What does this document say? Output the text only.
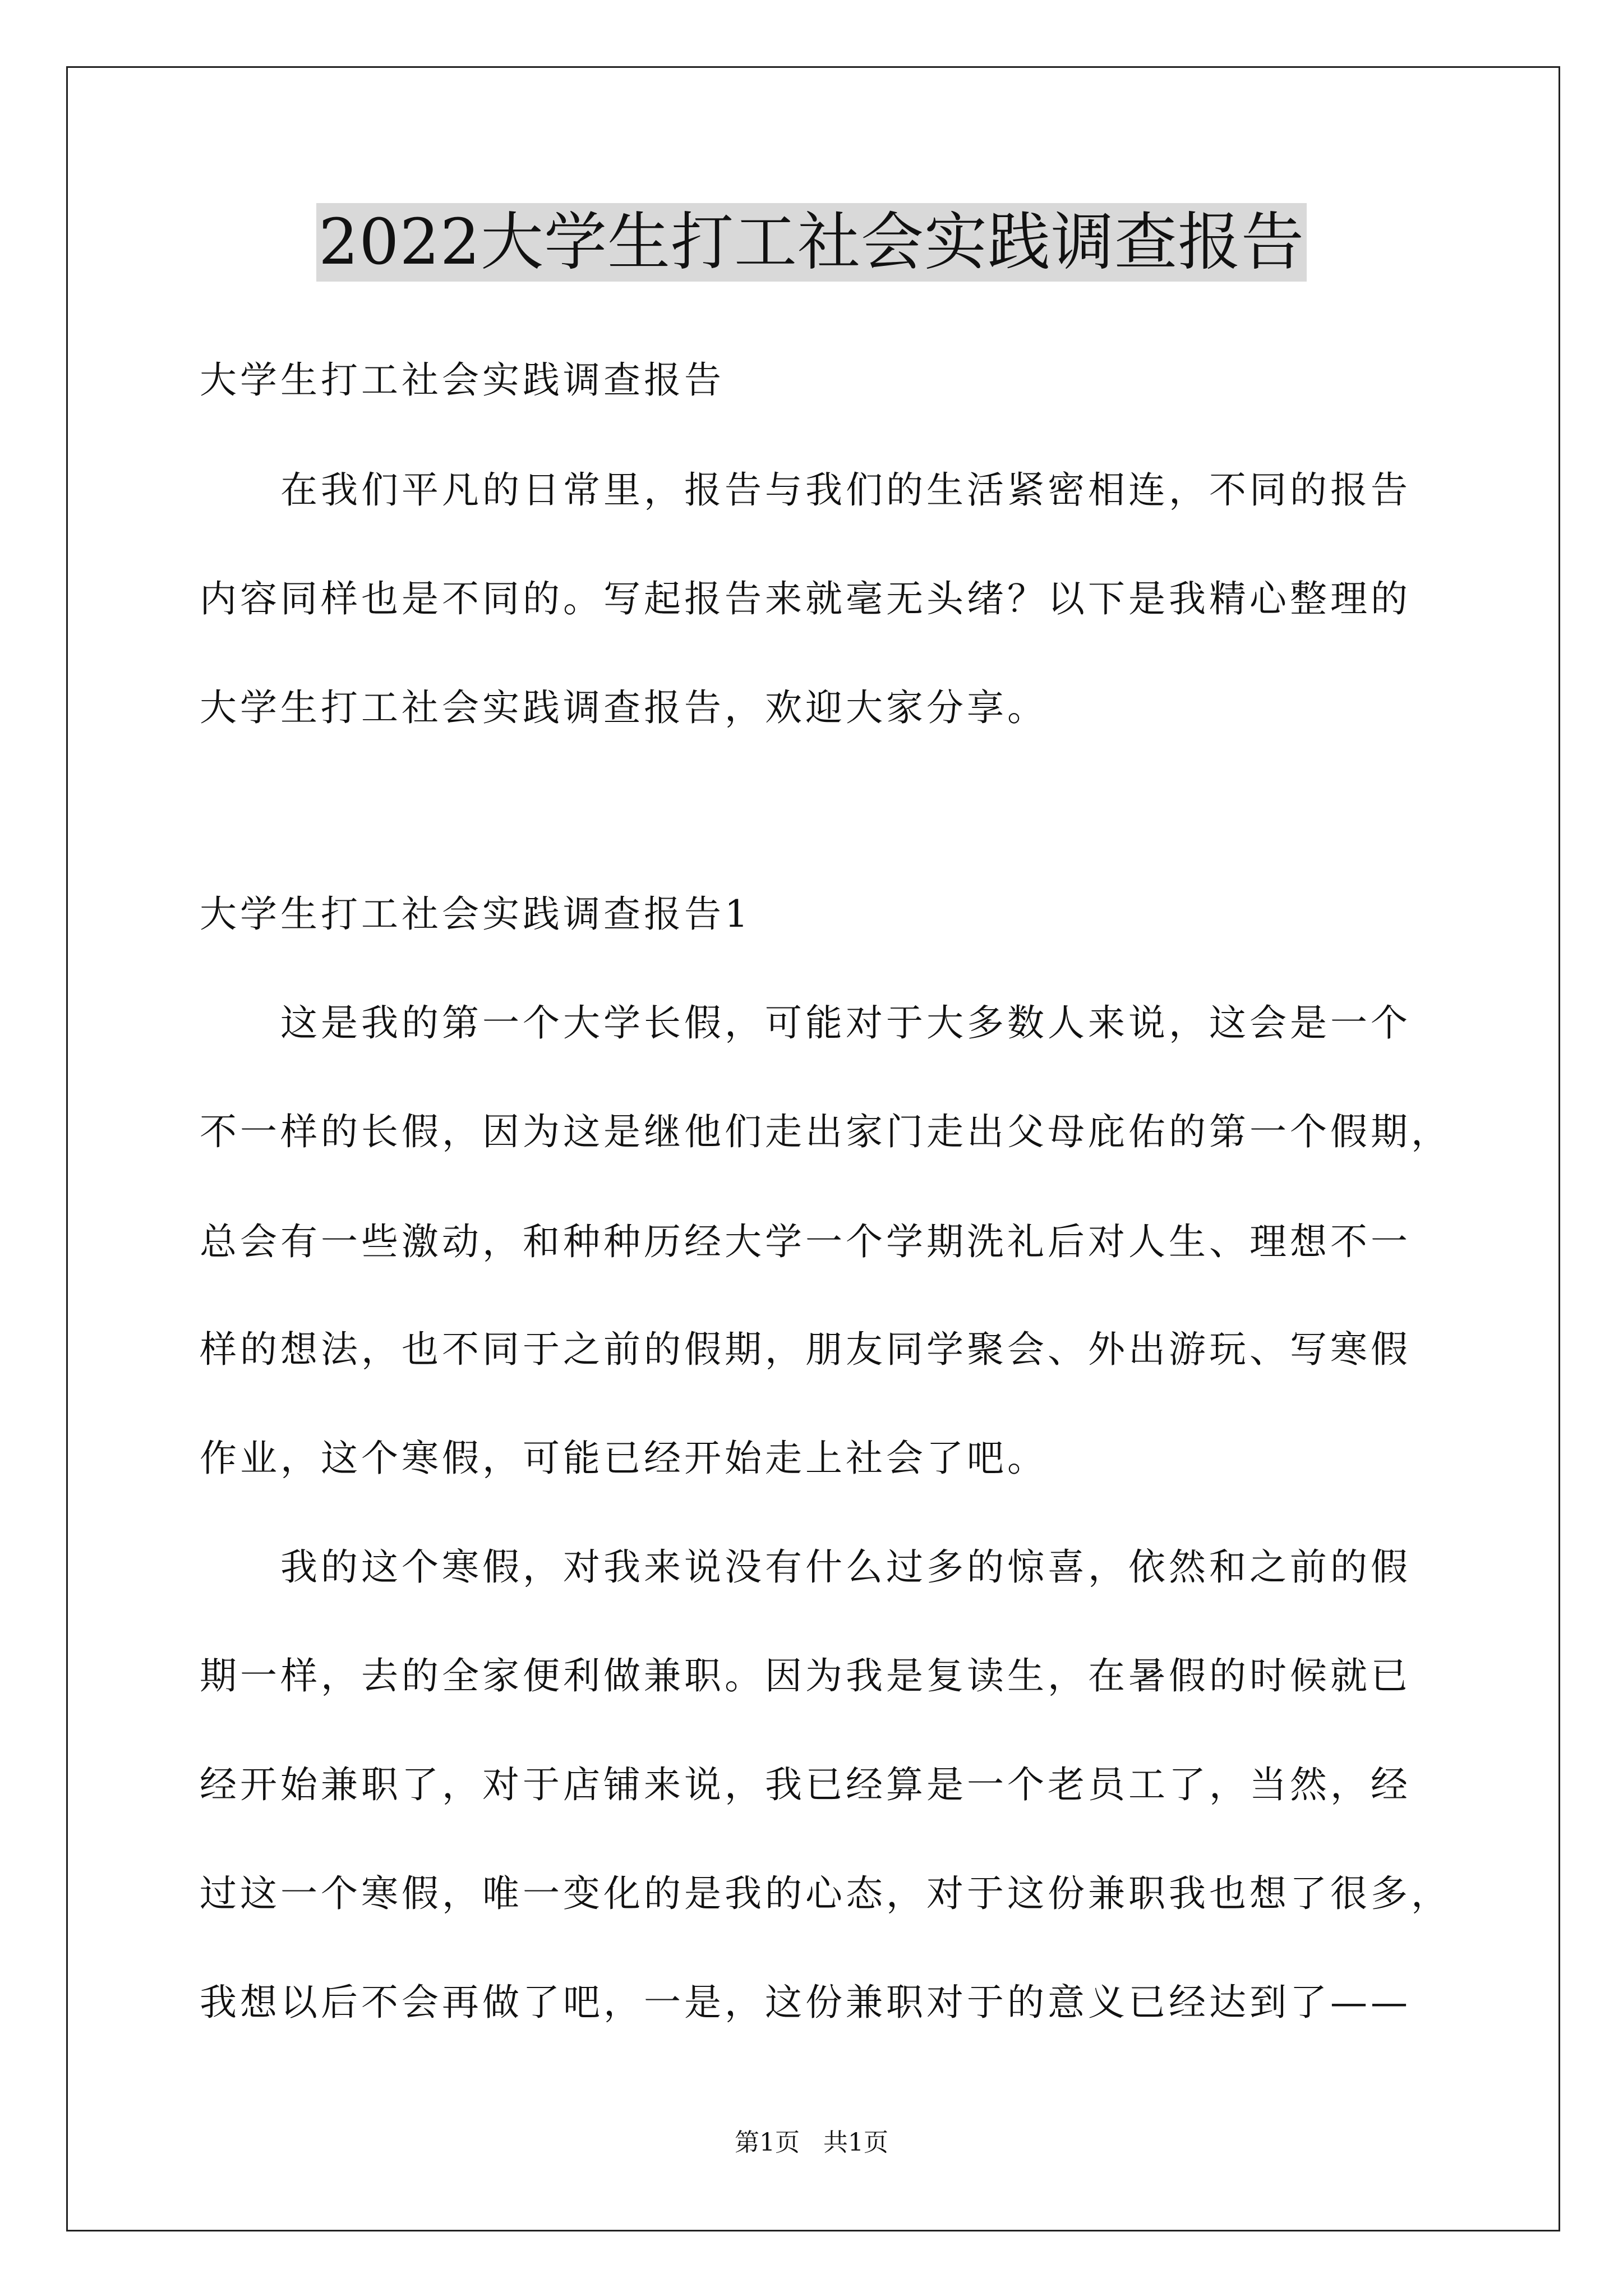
2022大学生打工社会实践调查报告
大学生打工社会实践调查报告
　　在我们平凡的日常里，报告与我们的生活紧密相连，不同的报告
内容同样也是不同的。写起报告来就毫无头绪？以下是我精心整理的
大学生打工社会实践调查报告，欢迎大家分享。
大学生打工社会实践调查报告1
　　这是我的第一个大学长假，可能对于大多数人来说，这会是一个
不一样的长假，因为这是继他们走出家门走出父母庇佑的第一个假期，
总会有一些激动，和种种历经大学一个学期洗礼后对人生、理想不一
样的想法，也不同于之前的假期，朋友同学聚会、外出游玩、写寒假
作业，这个寒假，可能已经开始走上社会了吧。
　　我的这个寒假，对我来说没有什么过多的惊喜，依然和之前的假
期一样，去的全家便利做兼职。因为我是复读生，在暑假的时候就已
经开始兼职了，对于店铺来说，我已经算是一个老员工了，当然，经
过这一个寒假，唯一变化的是我的心态，对于这份兼职我也想了很多，
我想以后不会再做了吧，一是，这份兼职对于的意义已经达到了——
第1页 共1页
